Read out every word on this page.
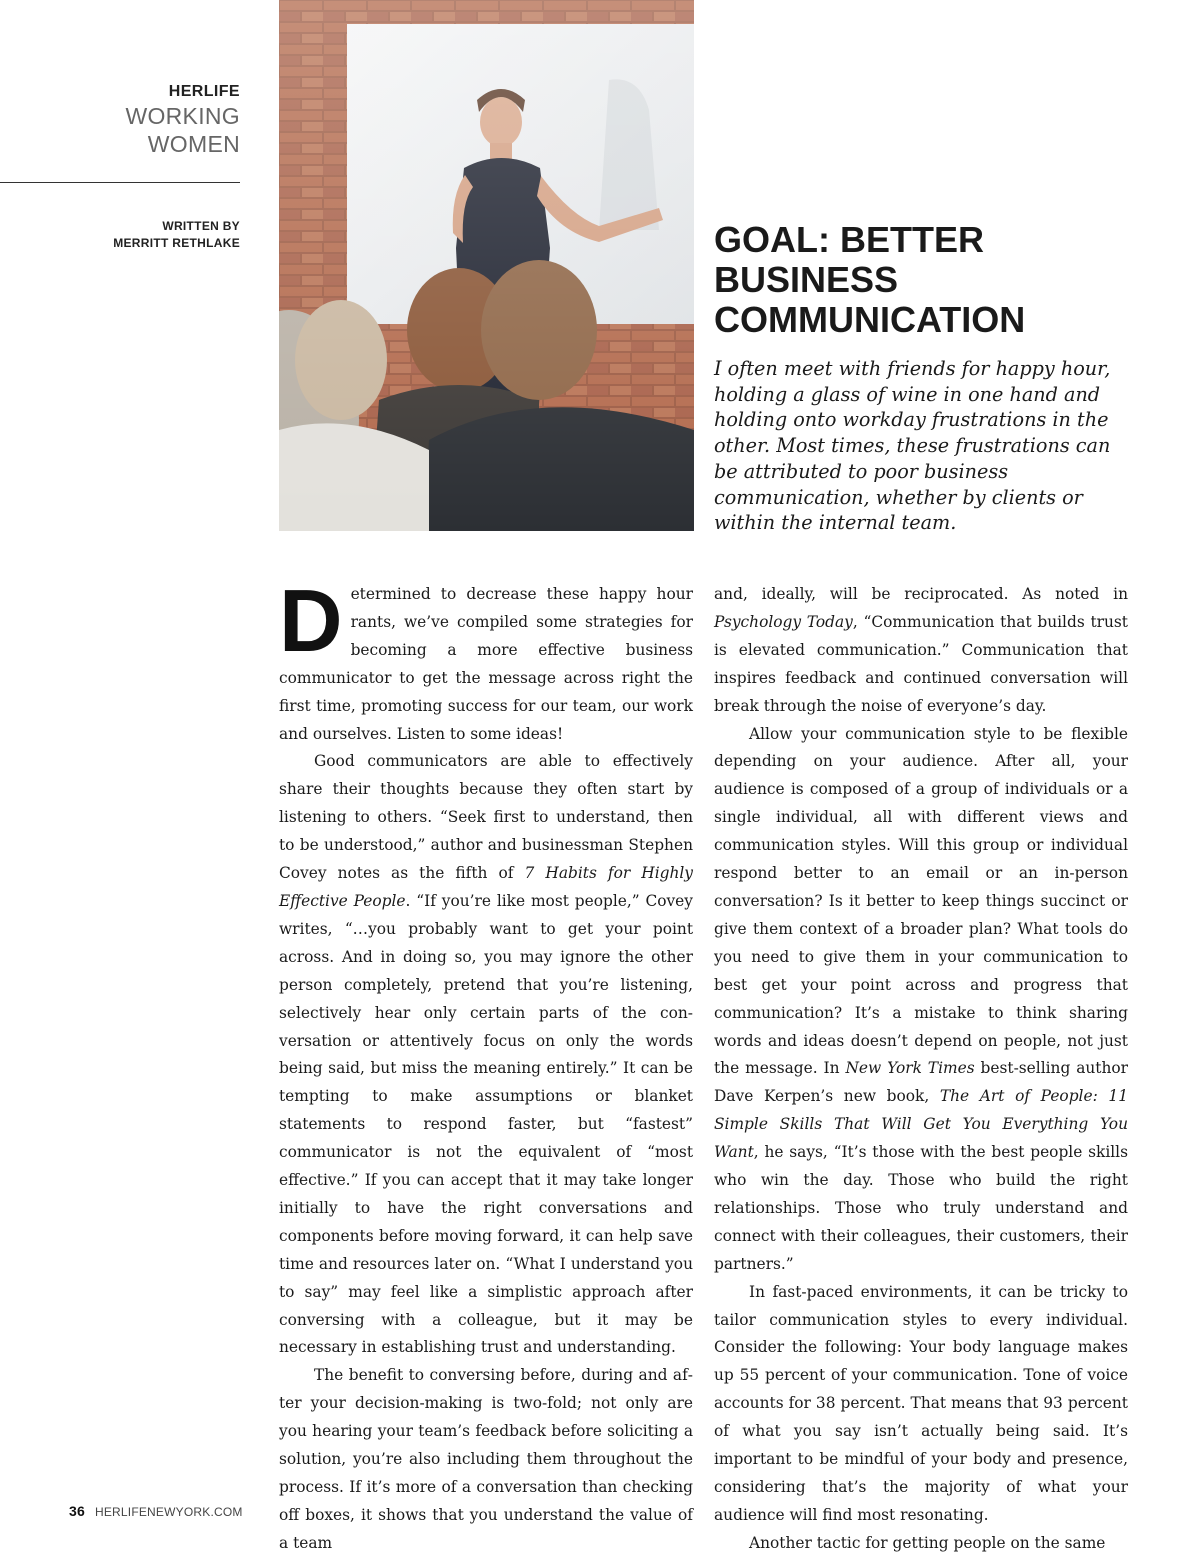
HERLIFE
WORKING
WOMEN
WRITTEN BY
MERRITT RETHLAKE	GOAL: BETTER
BUSINESS
COMMUNICATION

I often meet with friends for happy hour, holding a glass of wine in one hand and holding onto workday frustrations in the other. Most times, these frustrations can be attributed to poor business communication, whether by clients or within the internal team.

Determined to decrease these happy hour rants, we’ve compiled some strategies for becoming a more effective business communicator to get the message across right the first time, promoting success for our team, our work and ourselves. Listen to some ideas!

Good communicators are able to effectively share their thoughts because they often start by listening to others. “Seek first to understand, then to be understood,” author and businessman Stephen Covey notes as the fifth of 7 Habits for Highly Effective People. “If you’re like most people,” Covey writes, “…you probably want to get your point across. And in doing so, you may ignore the other person completely, pretend that you’re listening, selectively hear only certain parts of the conversation or attentively focus on only the words being said, but miss the meaning entirely.” It can be tempting to make assumptions or blanket statements to respond faster, but “fastest” communicator is not the equivalent of “most effective.” If you can accept that it may take longer initially to have the right conversations and components before moving forward, it can help save time and resources later on. “What I understand you to say” may feel like a simplistic approach after conversing with a colleague, but it may be necessary in establishing trust and understanding.

The benefit to conversing before, during and after your decision-making is two-fold; not only are you hearing your team’s feedback before soliciting a solution, you’re also including them throughout the process. If it’s more of a conversation than checking off boxes, it shows that you understand the value of a team

and, ideally, will be reciprocated. As noted in Psychology Today, “Communication that builds trust is elevated communication.” Communication that inspires feedback and continued conversation will break through the noise of everyone’s day.

Allow your communication style to be flexible depending on your audience. After all, your audience is composed of a group of individuals or a single individual, all with different views and communication styles. Will this group or individual respond better to an email or an in-person conversation? Is it better to keep things succinct or give them context of a broader plan? What tools do you need to give them in your communication to best get your point across and progress that communication? It’s a mistake to think sharing words and ideas doesn’t depend on people, not just the message. In New York Times best-selling author Dave Kerpen’s new book, The Art of People: 11 Simple Skills That Will Get You Everything You Want, he says, “It’s those with the best people skills who win the day. Those who build the right relationships. Those who truly understand and connect with their colleagues, their customers, their partners.”

In fast-paced environments, it can be tricky to tailor communication styles to every individual. Consider the following: Your body language makes up 55 percent of your communication. Tone of voice accounts for 38 percent. That means that 93 percent of what you say isn’t actually being said. It’s important to be mindful of your body and presence, considering that’s the majority of what your audience will find most resonating.

Another tactic for getting people on the same

36 HERLIFENEWYORK.COM
